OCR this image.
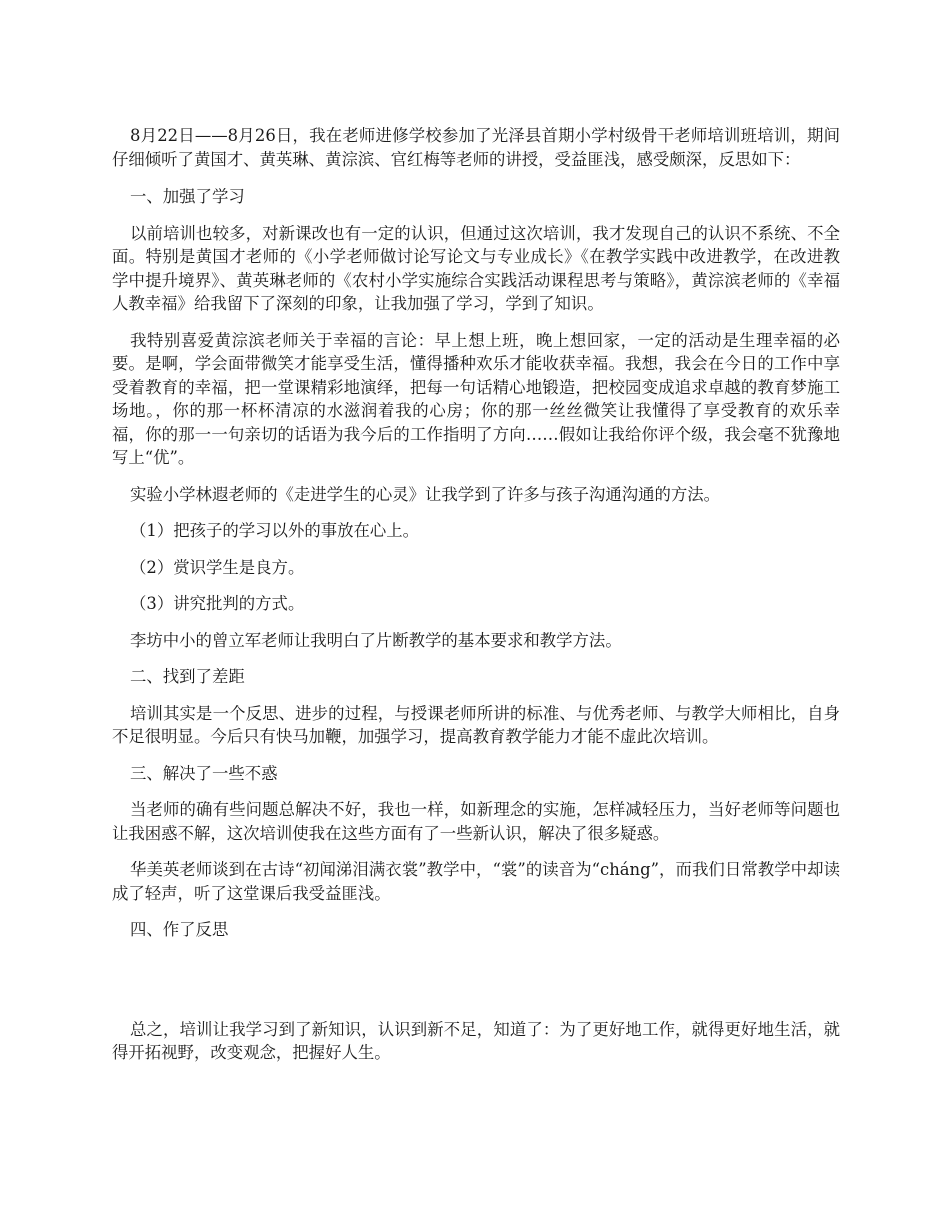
8月22日——8月26日，我在老师进修学校参加了光泽县首期小学村级骨干老师培训班培训，期间仔细倾听了黄国才、黄英琳、黄淙滨、官红梅等老师的讲授，受益匪浅，感受颇深，反思如下：

一、加强了学习

以前培训也较多，对新课改也有一定的认识，但通过这次培训，我才发现自己的认识不系统、不全面。特别是黄国才老师的《小学老师做讨论写论文与专业成长》《在教学实践中改进教学，在改进教学中提升境界》、黄英琳老师的《农村小学实施综合实践活动课程思考与策略》，黄淙滨老师的《幸福人教幸福》给我留下了深刻的印象，让我加强了学习，学到了知识。

我特别喜爱黄淙滨老师关于幸福的言论：早上想上班，晚上想回家，一定的活动是生理幸福的必要。是啊，学会面带微笑才能享受生活，懂得播种欢乐才能收获幸福。我想，我会在今日的工作中享受着教育的幸福，把一堂课精彩地演绎，把每一句话精心地锻造，把校园变成追求卓越的教育梦施工场地。，你的那一杯杯清凉的水滋润着我的心房；你的那一丝丝微笑让我懂得了享受教育的欢乐幸福，你的那一一句亲切的话语为我今后的工作指明了方向……假如让我给你评个级，我会毫不犹豫地写上“优”。

实验小学林遐老师的《走进学生的心灵》让我学到了许多与孩子沟通沟通的方法。

（1）把孩子的学习以外的事放在心上。

（2）赏识学生是良方。

（3）讲究批判的方式。

李坊中小的曾立军老师让我明白了片断教学的基本要求和教学方法。

二、找到了差距

培训其实是一个反思、进步的过程，与授课老师所讲的标准、与优秀老师、与教学大师相比，自身不足很明显。今后只有快马加鞭，加强学习，提高教育教学能力才能不虚此次培训。

三、解决了一些不惑

当老师的确有些问题总解决不好，我也一样，如新理念的实施，怎样减轻压力，当好老师等问题也让我困惑不解，这次培训使我在这些方面有了一些新认识，解决了很多疑惑。

华美英老师谈到在古诗“初闻涕泪满衣裳”教学中，“裳”的读音为“cháng”，而我们日常教学中却读成了轻声，听了这堂课后我受益匪浅。

四、作了反思

总之，培训让我学习到了新知识，认识到新不足，知道了：为了更好地工作，就得更好地生活，就得开拓视野，改变观念，把握好人生。
